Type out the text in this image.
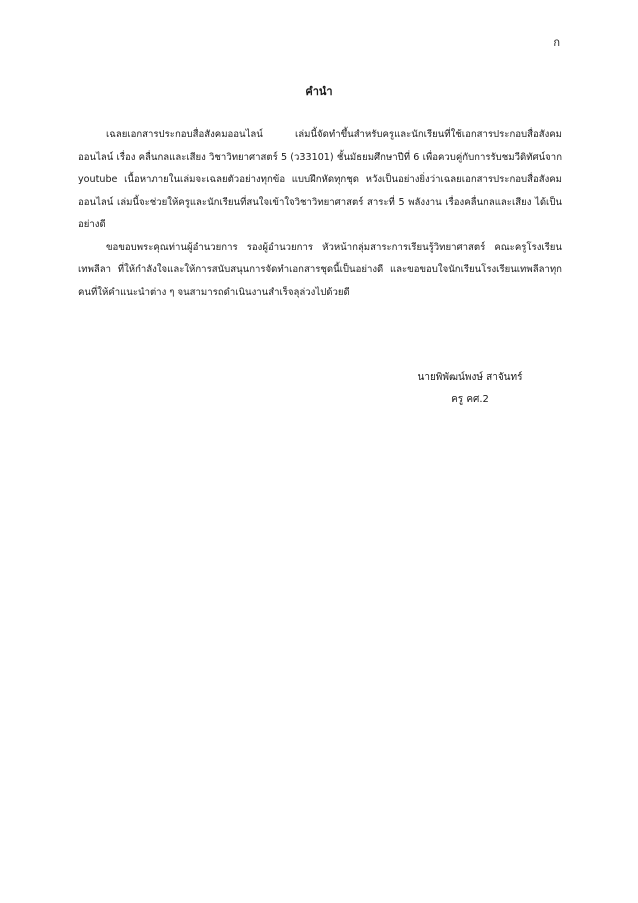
ก
คำนำ

เฉลยเอกสารประกอบสื่อสังคมออนไลน์ เล่มนี้จัดทำขึ้นสำหรับครูและนักเรียนที่ใช้เอกสารประกอบสื่อสังคมออนไลน์ เรื่อง คลื่นกลและเสียง วิชาวิทยาศาสตร์ 5 (ว33101) ชั้นมัธยมศึกษาปีที่ 6 เพื่อควบคู่กับการรับชมวีดิทัศน์จาก youtube เนื้อหาภายในเล่มจะเฉลยตัวอย่างทุกข้อ แบบฝึกหัดทุกชุด หวังเป็นอย่างยิ่งว่าเฉลยเอกสารประกอบสื่อสังคมออนไลน์ เล่มนี้จะช่วยให้ครูและนักเรียนที่สนใจเข้าใจวิชาวิทยาศาสตร์ สาระที่ 5 พลังงาน เรื่องคลื่นกลและเสียง ได้เป็นอย่างดี

ขอขอบพระคุณท่านผู้อำนวยการ รองผู้อำนวยการ หัวหน้ากลุ่มสาระการเรียนรู้วิทยาศาสตร์ คณะครูโรงเรียนเทพลีลา ที่ให้กำลังใจและให้การสนับสนุนการจัดทำเอกสารชุดนี้เป็นอย่างดี และขอขอบใจนักเรียนโรงเรียนเทพลีลาทุกคนที่ให้คำแนะนำต่าง ๆ จนสามารถดำเนินงานสำเร็จลุล่วงไปด้วยดี

นายพิพัฒน์พงษ์ สาจันทร์
ครู คศ.2
